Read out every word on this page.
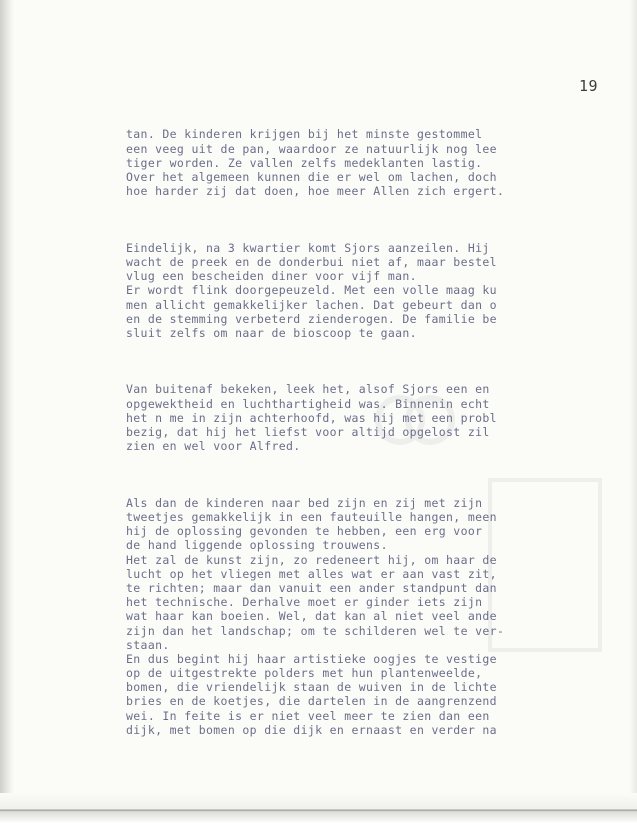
19

tan. De kinderen krijgen bij het minste gestommel
een veeg uit de pan, waardoor ze natuurlijk nog lee
tiger worden. Ze vallen zelfs medeklanten lastig.
Over het algemeen kunnen die er wel om lachen, doch
hoe harder zij dat doen, hoe meer Allen zich ergert.

Eindelijk, na 3 kwartier komt Sjors aanzeilen. Hij
wacht de preek en de donderbui niet af, maar bestel
vlug een bescheiden diner voor vijf man.
Er wordt flink doorgepeuzeld. Met een volle maag ku
men allicht gemakkelijker lachen. Dat gebeurt dan o
en de stemming verbeterd zienderogen. De familie be
sluit zelfs om naar de bioscoop te gaan.

Van buitenaf bekeken, leek het, alsof Sjors een en
opgewektheid en luchthartigheid was. Binnenin echt
het n me in zijn achterhoofd, was hij met een probl
bezig, dat hij het liefst voor altijd opgelost zil
zien en wel voor Alfred.

Als dan de kinderen naar bed zijn en zij met zijn
tweetjes gemakkelijk in een fauteuille hangen, meen
hij de oplossing gevonden te hebben, een erg voor
de hand liggende oplossing trouwens.
Het zal de kunst zijn, zo redeneert hij, om haar de
lucht op het vliegen met alles wat er aan vast zit,
te richten; maar dan vanuit een ander standpunt dan
het technische. Derhalve moet er ginder iets zijn
wat haar kan boeien. Wel, dat kan al niet veel ande
zijn dan het landschap; om te schilderen wel te ver-
staan.
En dus begint hij haar artistieke oogjes te vestige
op de uitgestrekte polders met hun plantenweelde,
bomen, die vriendelijk staan de wuiven in de lichte
bries en de koetjes, die dartelen in de aangrenzend
wei. In feite is er niet veel meer te zien dan een
dijk, met bomen op die dijk en ernaast en verder na
